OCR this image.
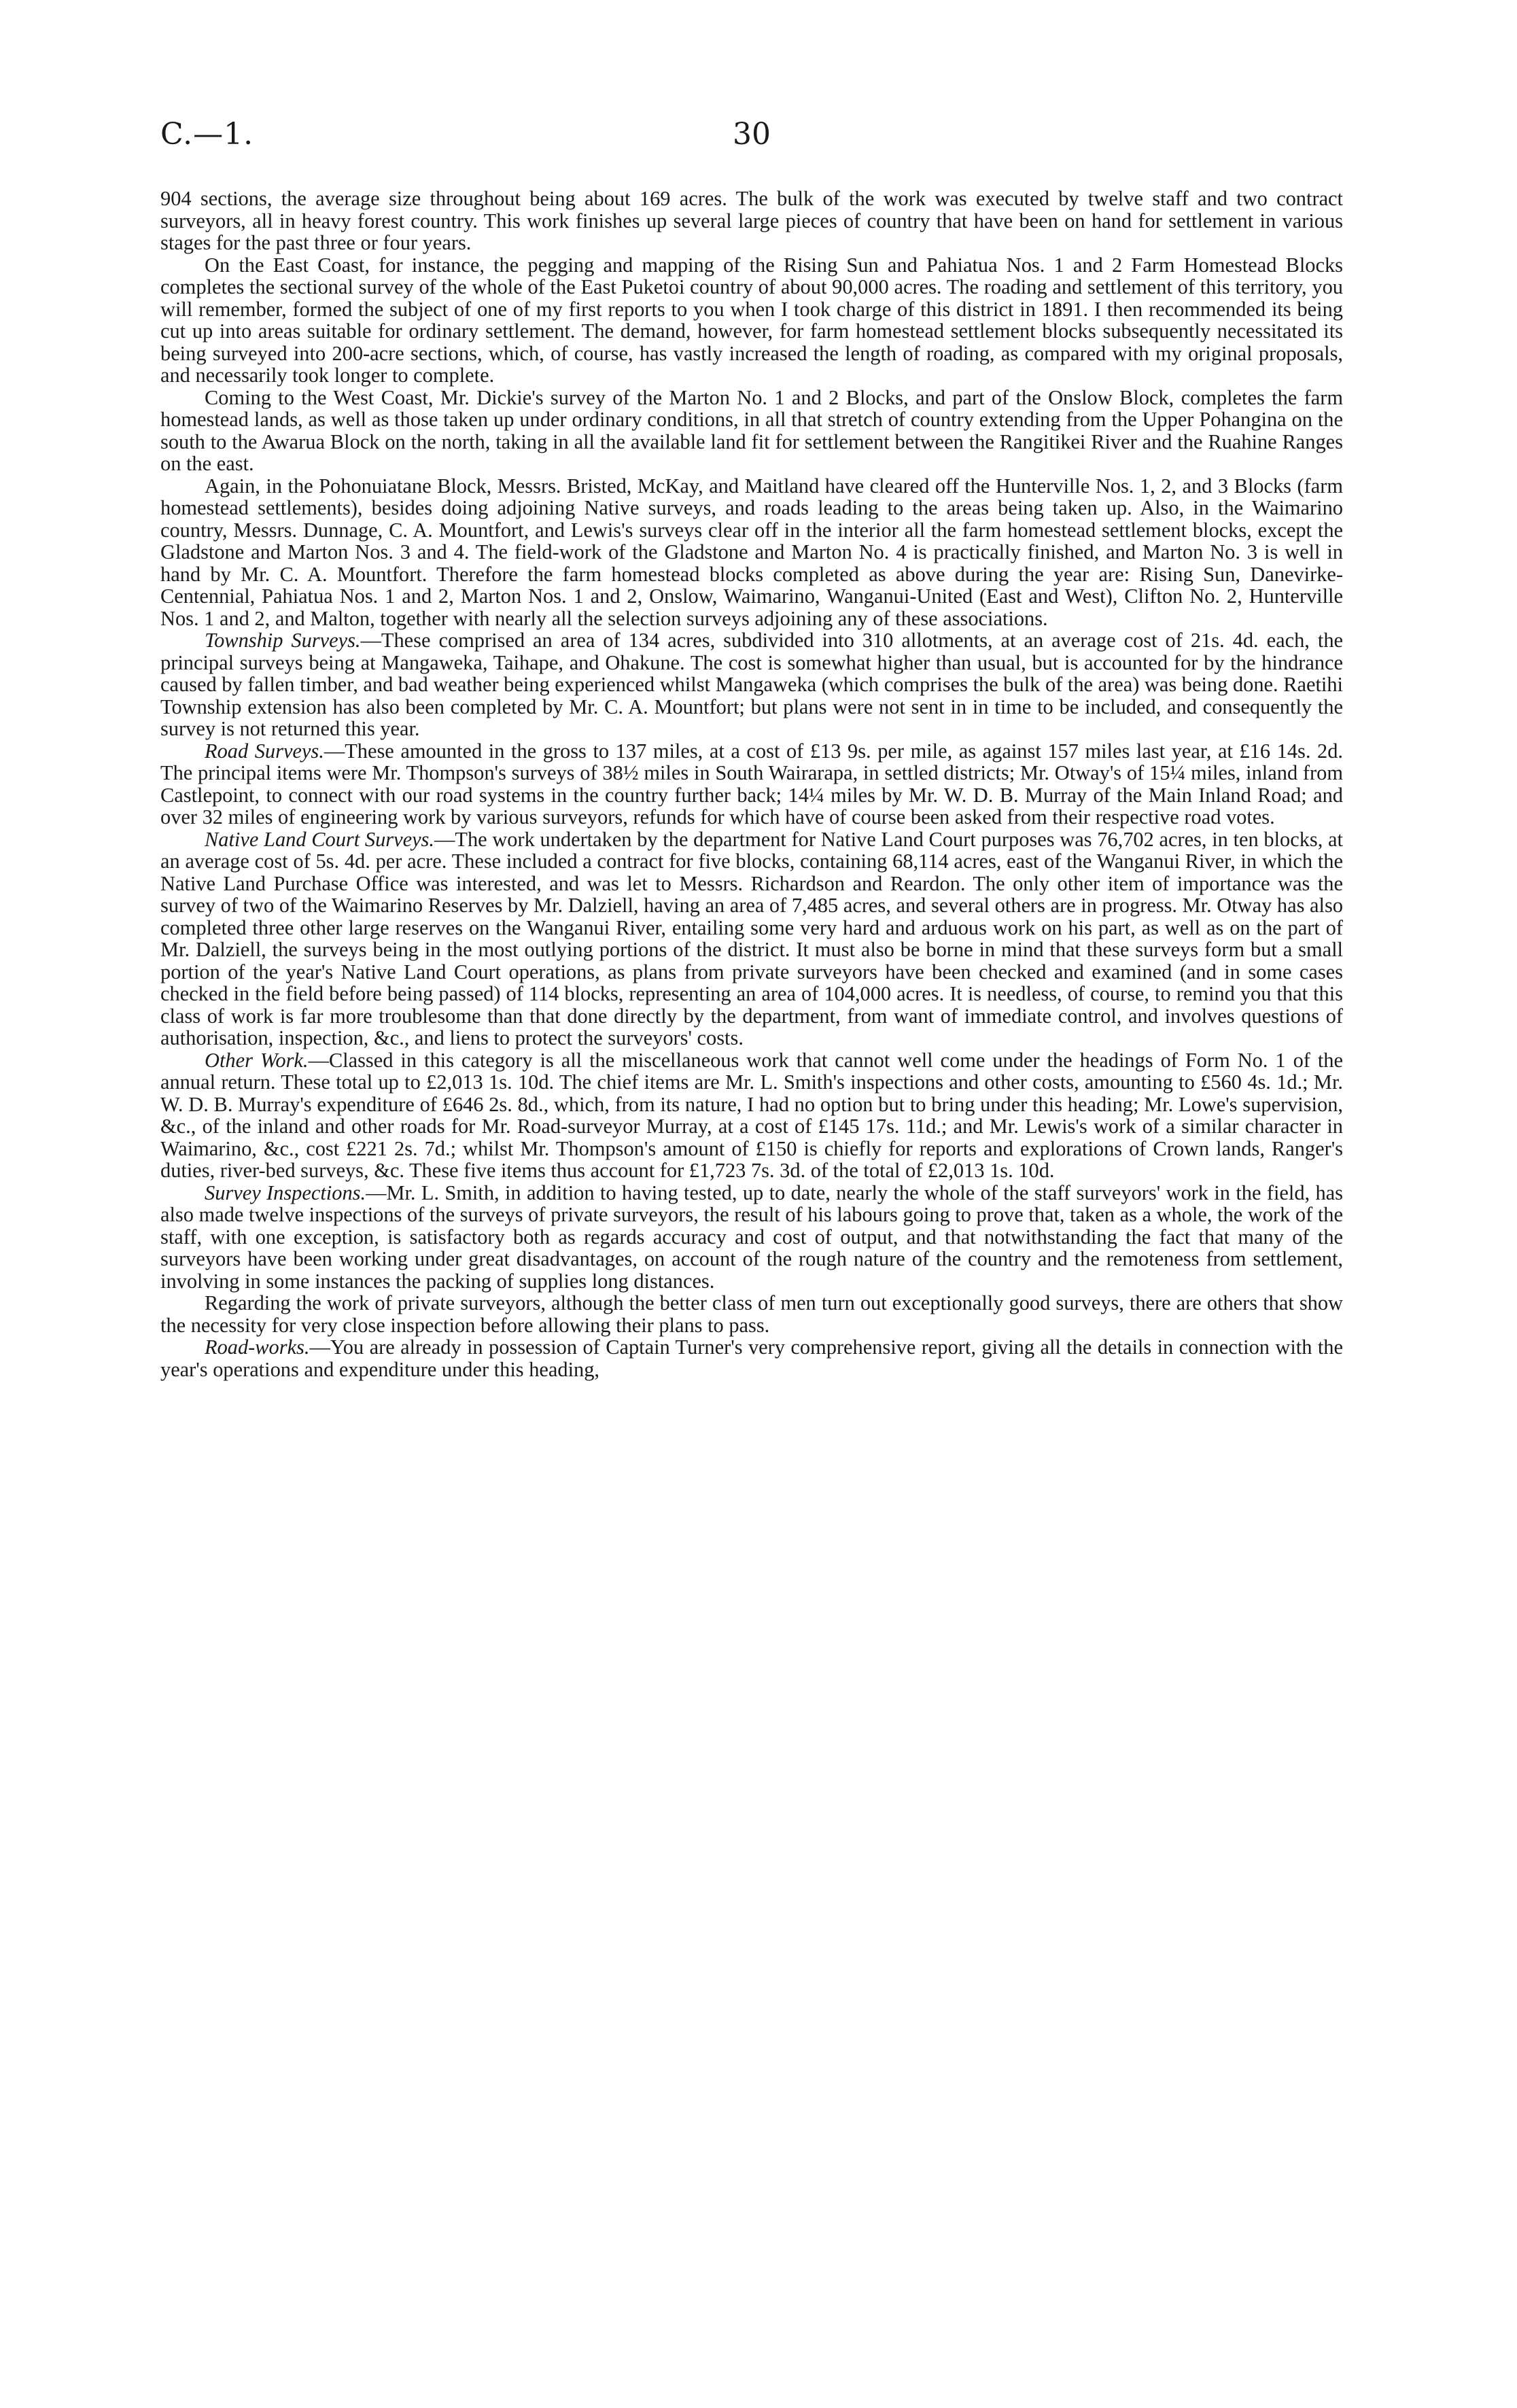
C.—1.	30

904 sections, the average size throughout being about 169 acres. The bulk of the work was executed by twelve staff and two contract surveyors, all in heavy forest country. This work finishes up several large pieces of country that have been on hand for settlement in various stages for the past three or four years.

On the East Coast, for instance, the pegging and mapping of the Rising Sun and Pahiatua Nos. 1 and 2 Farm Homestead Blocks completes the sectional survey of the whole of the East Puketoi country of about 90,000 acres. The roading and settlement of this territory, you will remember, formed the subject of one of my first reports to you when I took charge of this district in 1891. I then recommended its being cut up into areas suitable for ordinary settlement. The demand, however, for farm homestead settlement blocks subsequently necessitated its being surveyed into 200-acre sections, which, of course, has vastly increased the length of roading, as compared with my original proposals, and necessarily took longer to complete.

Coming to the West Coast, Mr. Dickie's survey of the Marton No. 1 and 2 Blocks, and part of the Onslow Block, completes the farm homestead lands, as well as those taken up under ordinary conditions, in all that stretch of country extending from the Upper Pohangina on the south to the Awarua Block on the north, taking in all the available land fit for settlement between the Rangitikei River and the Ruahine Ranges on the east.

Again, in the Pohonuiatane Block, Messrs. Bristed, McKay, and Maitland have cleared off the Hunterville Nos. 1, 2, and 3 Blocks (farm homestead settlements), besides doing adjoining Native surveys, and roads leading to the areas being taken up. Also, in the Waimarino country, Messrs. Dunnage, C. A. Mountfort, and Lewis's surveys clear off in the interior all the farm homestead settlement blocks, except the Gladstone and Marton Nos. 3 and 4. The field-work of the Gladstone and Marton No. 4 is practically finished, and Marton No. 3 is well in hand by Mr. C. A. Mountfort. Therefore the farm homestead blocks completed as above during the year are: Rising Sun, Danevirke-Centennial, Pahiatua Nos. 1 and 2, Marton Nos. 1 and 2, Onslow, Waimarino, Wanganui-United (East and West), Clifton No. 2, Hunterville Nos. 1 and 2, and Malton, together with nearly all the selection surveys adjoining any of these associations.

Township Surveys.—These comprised an area of 134 acres, subdivided into 310 allotments, at an average cost of 21s. 4d. each, the principal surveys being at Mangaweka, Taihape, and Ohakune. The cost is somewhat higher than usual, but is accounted for by the hindrance caused by fallen timber, and bad weather being experienced whilst Mangaweka (which comprises the bulk of the area) was being done. Raetihi Township extension has also been completed by Mr. C. A. Mountfort; but plans were not sent in in time to be included, and consequently the survey is not returned this year.

Road Surveys.—These amounted in the gross to 137 miles, at a cost of £13 9s. per mile, as against 157 miles last year, at £16 14s. 2d. The principal items were Mr. Thompson's surveys of 38½ miles in South Wairarapa, in settled districts; Mr. Otway's of 15¼ miles, inland from Castlepoint, to connect with our road systems in the country further back; 14¼ miles by Mr. W. D. B. Murray of the Main Inland Road; and over 32 miles of engineering work by various surveyors, refunds for which have of course been asked from their respective road votes.

Native Land Court Surveys.—The work undertaken by the department for Native Land Court purposes was 76,702 acres, in ten blocks, at an average cost of 5s. 4d. per acre. These included a contract for five blocks, containing 68,114 acres, east of the Wanganui River, in which the Native Land Purchase Office was interested, and was let to Messrs. Richardson and Reardon. The only other item of importance was the survey of two of the Waimarino Reserves by Mr. Dalziell, having an area of 7,485 acres, and several others are in progress. Mr. Otway has also completed three other large reserves on the Wanganui River, entailing some very hard and arduous work on his part, as well as on the part of Mr. Dalziell, the surveys being in the most outlying portions of the district. It must also be borne in mind that these surveys form but a small portion of the year's Native Land Court operations, as plans from private surveyors have been checked and examined (and in some cases checked in the field before being passed) of 114 blocks, representing an area of 104,000 acres. It is needless, of course, to remind you that this class of work is far more troublesome than that done directly by the department, from want of immediate control, and involves questions of authorisation, inspection, &c., and liens to protect the surveyors' costs.

Other Work.—Classed in this category is all the miscellaneous work that cannot well come under the headings of Form No. 1 of the annual return. These total up to £2,013 1s. 10d. The chief items are Mr. L. Smith's inspections and other costs, amounting to £560 4s. 1d.; Mr. W. D. B. Murray's expenditure of £646 2s. 8d., which, from its nature, I had no option but to bring under this heading; Mr. Lowe's supervision, &c., of the inland and other roads for Mr. Road-surveyor Murray, at a cost of £145 17s. 11d.; and Mr. Lewis's work of a similar character in Waimarino, &c., cost £221 2s. 7d.; whilst Mr. Thompson's amount of £150 is chiefly for reports and explorations of Crown lands, Ranger's duties, river-bed surveys, &c. These five items thus account for £1,723 7s. 3d. of the total of £2,013 1s. 10d.

Survey Inspections.—Mr. L. Smith, in addition to having tested, up to date, nearly the whole of the staff surveyors' work in the field, has also made twelve inspections of the surveys of private surveyors, the result of his labours going to prove that, taken as a whole, the work of the staff, with one exception, is satisfactory both as regards accuracy and cost of output, and that notwithstanding the fact that many of the surveyors have been working under great disadvantages, on account of the rough nature of the country and the remoteness from settlement, involving in some instances the packing of supplies long distances.

Regarding the work of private surveyors, although the better class of men turn out exceptionally good surveys, there are others that show the necessity for very close inspection before allowing their plans to pass.

Road-works.—You are already in possession of Captain Turner's very comprehensive report, giving all the details in connection with the year's operations and expenditure under this heading,
